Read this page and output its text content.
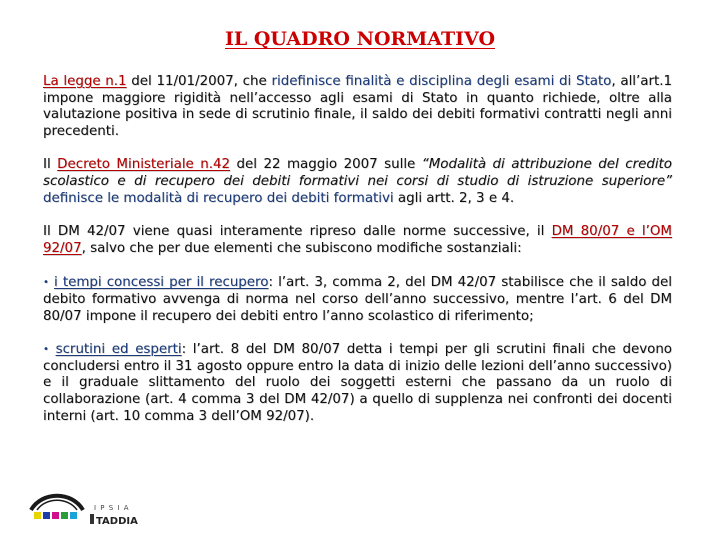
IL QUADRO NORMATIVO

La legge n.1 del 11/01/2007, che ridefinisce finalità e disciplina degli esami di Stato, all’art.1 impone maggiore rigidità nell’accesso agli esami di Stato in quanto richiede, oltre alla valutazione positiva in sede di scrutinio finale, il saldo dei debiti formativi contratti negli anni precedenti.

Il Decreto Ministeriale n.42 del 22 maggio 2007 sulle “Modalità di attribuzione del credito scolastico e di recupero dei debiti formativi nei corsi di studio di istruzione superiore” definisce le modalità di recupero dei debiti formativi agli artt. 2, 3 e 4.

Il DM 42/07 viene quasi interamente ripreso dalle norme successive, il DM 80/07 e l’OM 92/07, salvo che per due elementi che subiscono modifiche sostanziali:

• i tempi concessi per il recupero: l’art. 3, comma 2, del DM 42/07 stabilisce che il saldo del debito formativo avvenga di norma nel corso dell’anno successivo, mentre l’art. 6 del DM 80/07 impone il recupero dei debiti entro l’anno scolastico di riferimento;

• scrutini ed esperti: l’art. 8 del DM 80/07 detta i tempi per gli scrutini finali che devono concludersi entro il 31 agosto oppure entro la data di inizio delle lezioni dell’anno successivo) e il graduale slittamento del ruolo dei soggetti esterni che passano da un ruolo di collaborazione (art. 4 comma 3 del DM 42/07) a quello di supplenza nei confronti dei docenti interni (art. 10 comma 3 dell’OM 92/07).

I P S I A
TADDIA
